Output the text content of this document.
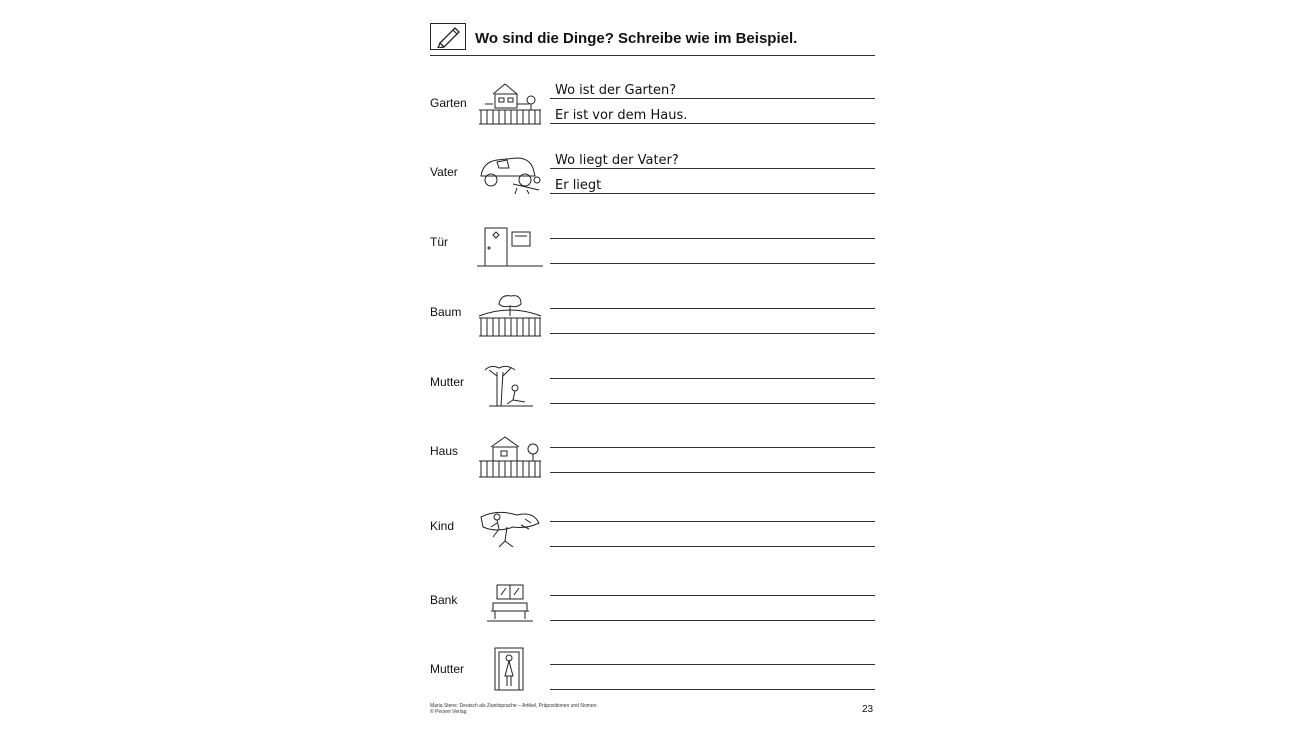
Wo sind die Dinge? Schreibe wie im Beispiel.
Garten
Wo ist der Garten?
Er ist vor dem Haus.
Vater
Wo liegt der Vater?
Er liegt
Tür
Baum
Mutter
Haus
Kind
Bank
Mutter
Maria Stens: Deutsch als Zweitsprache – Artikel, Präpositionen und Nomen
© Persen Verlag	23
